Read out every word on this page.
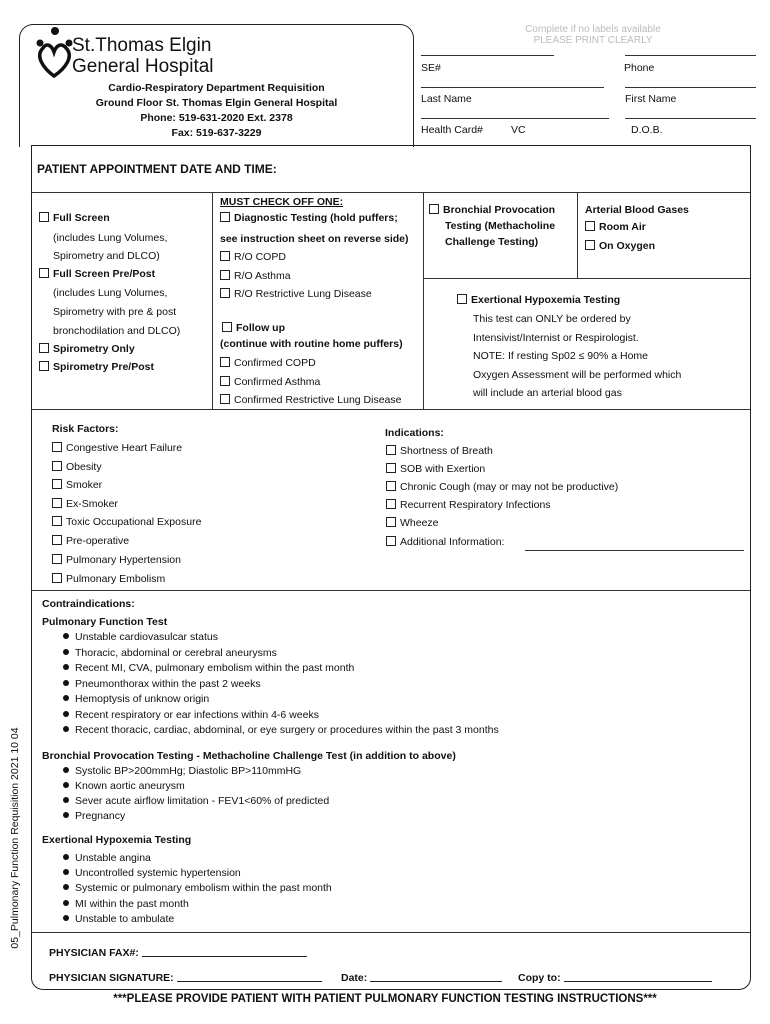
St.Thomas Elgin
General Hospital
Cardio-Respiratory Department Requisition
Ground Floor St. Thomas Elgin General Hospital
Phone: 519-631-2020 Ext. 2378
Fax: 519-637-3229
Complete if no labels available
PLEASE PRINT CLEARLY
SE#	Phone
Last Name	First Name
Health Card#	VC	D.O.B.
PATIENT APPOINTMENT DATE AND TIME:
Full Screen
(includes Lung Volumes,
Spirometry and DLCO)
Full Screen Pre/Post
(includes Lung Volumes,
Spirometry with pre & post
bronchodilation and DLCO)
Spirometry Only
Spirometry Pre/Post
MUST CHECK OFF ONE:
Diagnostic Testing (hold puffers;
see instruction sheet on reverse side)
R/O COPD
R/O Asthma
R/O Restrictive Lung Disease
Follow up
(continue with routine home puffers)
Confirmed COPD
Confirmed Asthma
Confirmed Restrictive Lung Disease
Bronchial Provocation
Testing (Methacholine
Challenge Testing)
Arterial Blood Gases
Room Air
On Oxygen
Exertional Hypoxemia Testing
This test can ONLY be ordered by
Intensivist/Internist or Respirologist.
NOTE: If resting Sp02 ≤ 90% a Home
Oxygen Assessment will be performed which
will include an arterial blood gas
Risk Factors:
Congestive Heart Failure
Obesity
Smoker
Ex-Smoker
Toxic Occupational Exposure
Pre-operative
Pulmonary Hypertension
Pulmonary Embolism
Indications:
Shortness of Breath
SOB with Exertion
Chronic Cough (may or may not be productive)
Recurrent Respiratory Infections
Wheeze
Additional Information:
Contraindications:
Pulmonary Function Test
Unstable cardiovasulcar status
Thoracic, abdominal or cerebral aneurysms
Recent MI, CVA, pulmonary embolism within the past month
Pneumonthorax within the past 2 weeks
Hemoptysis of unknow origin
Recent respiratory or ear infections within 4-6 weeks
Recent thoracic, cardiac, abdominal, or eye surgery or procedures within the past 3 months
Bronchial Provocation Testing - Methacholine Challenge Test (in addition to above)
Systolic BP>200mmHg; Diastolic BP>110mmHG
Known aortic aneurysm
Sever acute airflow limitation - FEV1<60% of predicted
Pregnancy
Exertional Hypoxemia Testing
Unstable angina
Uncontrolled systemic hypertension
Systemic or pulmonary embolism within the past month
MI within the past month
Unstable to ambulate
PHYSICIAN FAX#:
PHYSICIAN SIGNATURE:	Date:	Copy to:
***PLEASE PROVIDE PATIENT WITH PATIENT PULMONARY FUNCTION TESTING INSTRUCTIONS***
05_Pulmonary Function Requisition 2021 10 04
